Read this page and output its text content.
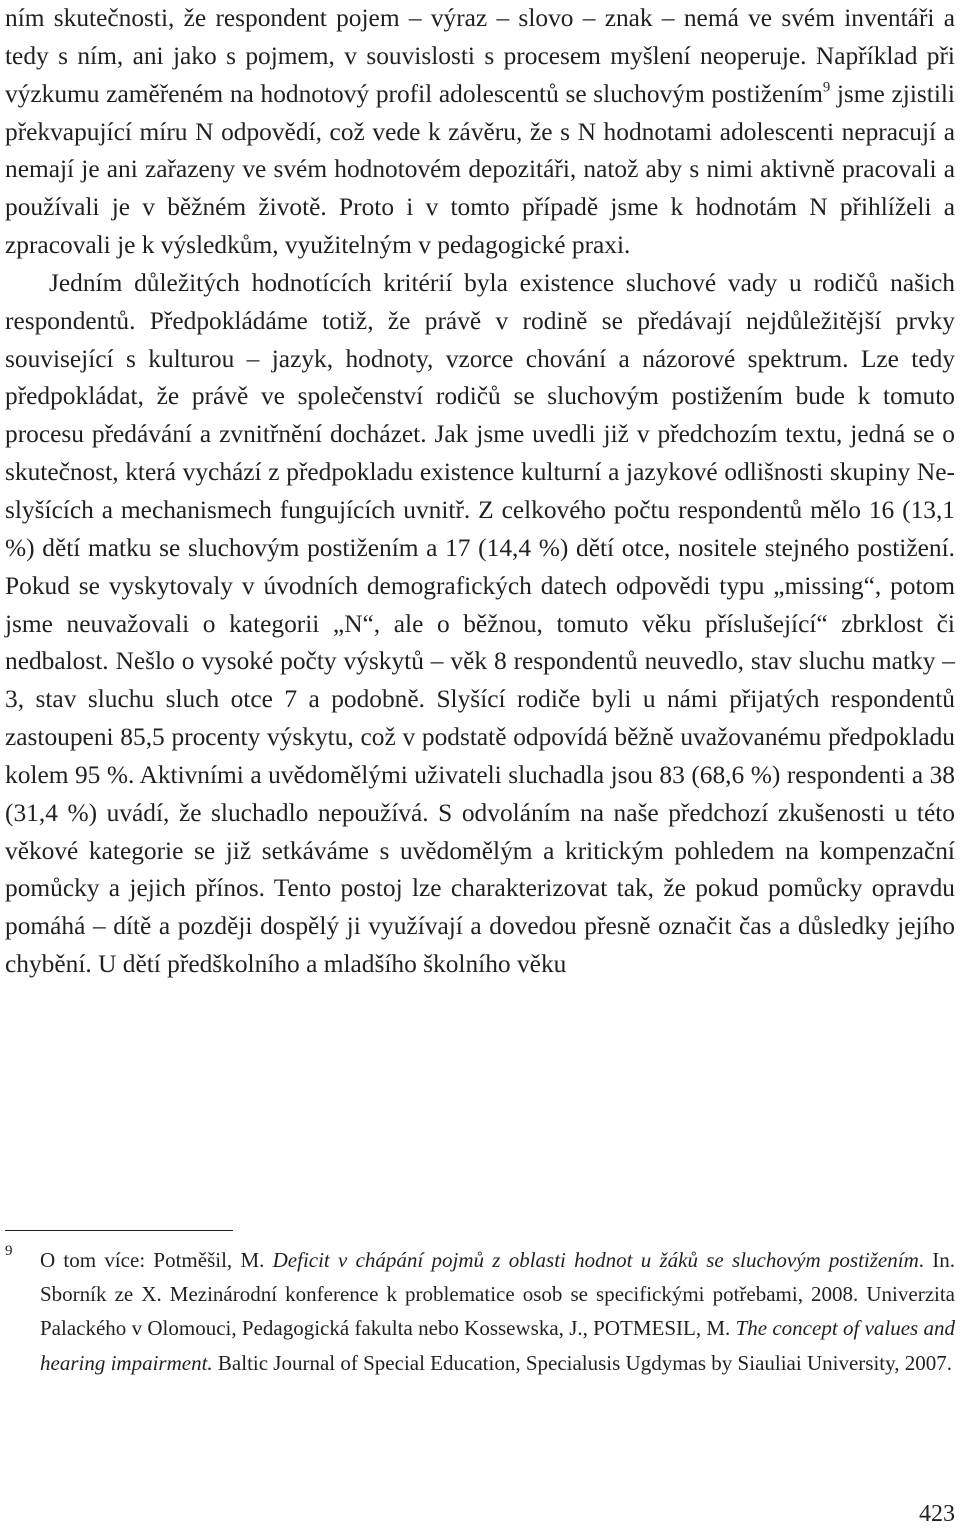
ním skutečnosti, že respondent pojem – výraz – slovo – znak – nemá ve svém inventáři a tedy s ním, ani jako s pojmem, v souvislosti s procesem myšlení neoperuje. Například při výzkumu zaměřeném na hodnotový profil adolescentů se sluchovým postižením$^9$ jsme zjistili překvapující míru N odpovědí, což vede k závěru, že s N hodnotami adolescenti nepracují a nemají je ani zařazeny ve svém hodnotovém depozitáři, natož aby s nimi aktivně pracovali a používali je v běžném životě. Proto i v tomto případě jsme k hodnotám N přihlíželi a zpracovali je k výsledkům, využitelným v pedagogické praxi.

Jedním důležitých hodnotících kritérií byla existence sluchové vady u rodičů našich respondentů. Předpokládáme totiž, že právě v rodině se předávají nejdůležitější prvky související s kulturou – jazyk, hodnoty, vzorce chování a názorové spektrum. Lze tedy předpokládat, že právě ve společenství rodičů se sluchovým postižením bude k tomuto procesu předávání a zvnitřnění docházet. Jak jsme uvedli již v předchozím textu, jedná se o skutečnost, která vychází z předpokladu existence kulturní a jazykové odlišnosti skupiny Neslyšících a mechanismech fungujících uvnitř. Z celkového počtu respondentů mělo 16 (13,1 %) dětí matku se sluchovým postižením a 17 (14,4 %) dětí otce, nositele stejného postižení. Pokud se vyskytovaly v úvodních demografických datech odpovědi typu „missing“, potom jsme neuvažovali o kategorii „N“, ale o běžnou, tomuto věku příslušející“ zbrklost či nedbalost. Nešlo o vysoké počty výskytů – věk 8 respondentů neuvedlo, stav sluchu matky – 3, stav sluchu sluch otce 7 a podobně. Slyšící rodiče byli u námi přijatých respondentů zastoupeni 85,5 procenty výskytu, což v podstatě odpovídá běžně uvažovanému předpokladu kolem 95 %. Aktivními a uvědomělými uživateli sluchadla jsou 83 (68,6 %) respondenti a 38 (31,4 %) uvádí, že sluchadlo nepoužívá. S odvoláním na naše předchozí zkušenosti u této věkové kategorie se již setkáváme s uvědomělým a kritickým pohledem na kompenzační pomůcky a jejich přínos. Tento postoj lze charakterizovat tak, že pokud pomůcky opravdu pomáhá – dítě a později dospělý ji využívají a dovedou přesně označit čas a důsledky jejího chybění. U dětí předškolního a mladšího školního věku

9 O tom více: Potměšil, M. Deficit v chápání pojmů z oblasti hodnot u žáků se sluchovým postižením. In. Sborník ze X. Mezinárodní konference k problematice osob se specifickými potřebami, 2008. Univerzita Palackého v Olomouci, Pedagogická fakulta nebo Kossewska, J., POTMESIL, M. The concept of values and hearing impairment. Baltic Journal of Special Education, Specialusis Ugdymas by Siauliai University, 2007.
423
